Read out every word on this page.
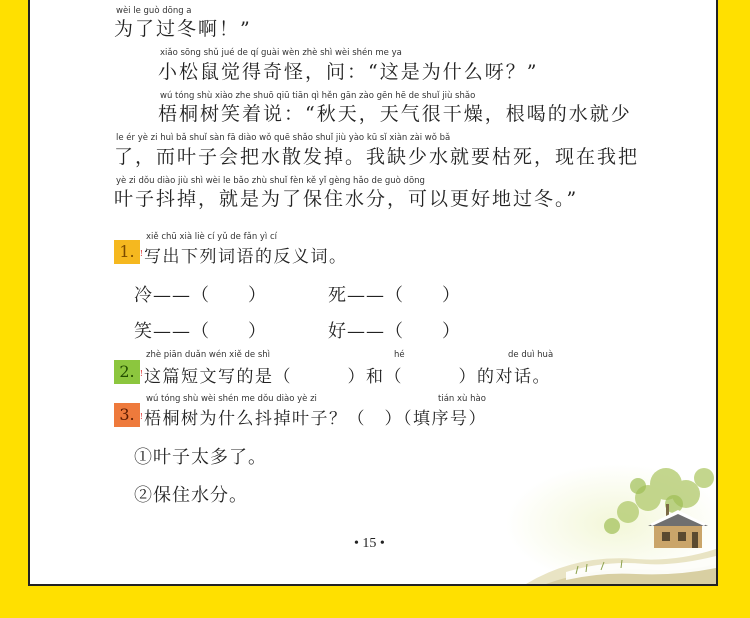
wèi le guò dōng a
为了过冬啊！”
xiǎo sōng shǔ jué de qí guài wèn zhè shì wèi shén me ya
小松鼠觉得奇怪，问：“这是为什么呀？”
wú tóng shù xiào zhe shuō qiū tiān qì hěn gān zào gēn hē de shuǐ jiù shǎo
梧桐树笑着说：“秋天，天气很干燥，根喝的水就少
le ér yè zi huì bǎ shuǐ sàn fā diào wǒ quē shǎo shuǐ jiù yào kū sǐ xiàn zài wǒ bǎ
了，而叶子会把水散发掉。我缺少水就要枯死，现在我把
yè zi dǒu diào jiù shì wèi le bǎo zhù shuǐ fèn kě yǐ gèng hǎo de guò dōng
叶子抖掉，就是为了保住水分，可以更好地过冬。”
1. !
xiě chū xià liè cí yǔ de fǎn yì cí
写出下列词语的反义词。
冷——（　　）	死——（　　）
笑——（　　）	好——（　　）
2. !
zhè piān duǎn wén xiě de shì	hé	de duì huà
这篇短文写的是（　　　）和（　　　）的对话。
3. !
wú tóng shù wèi shén me dǒu diào yè zi	tián xù hào
梧桐树为什么抖掉叶子？（　）（填序号）
①叶子太多了。
②保住水分。
• 15 •
